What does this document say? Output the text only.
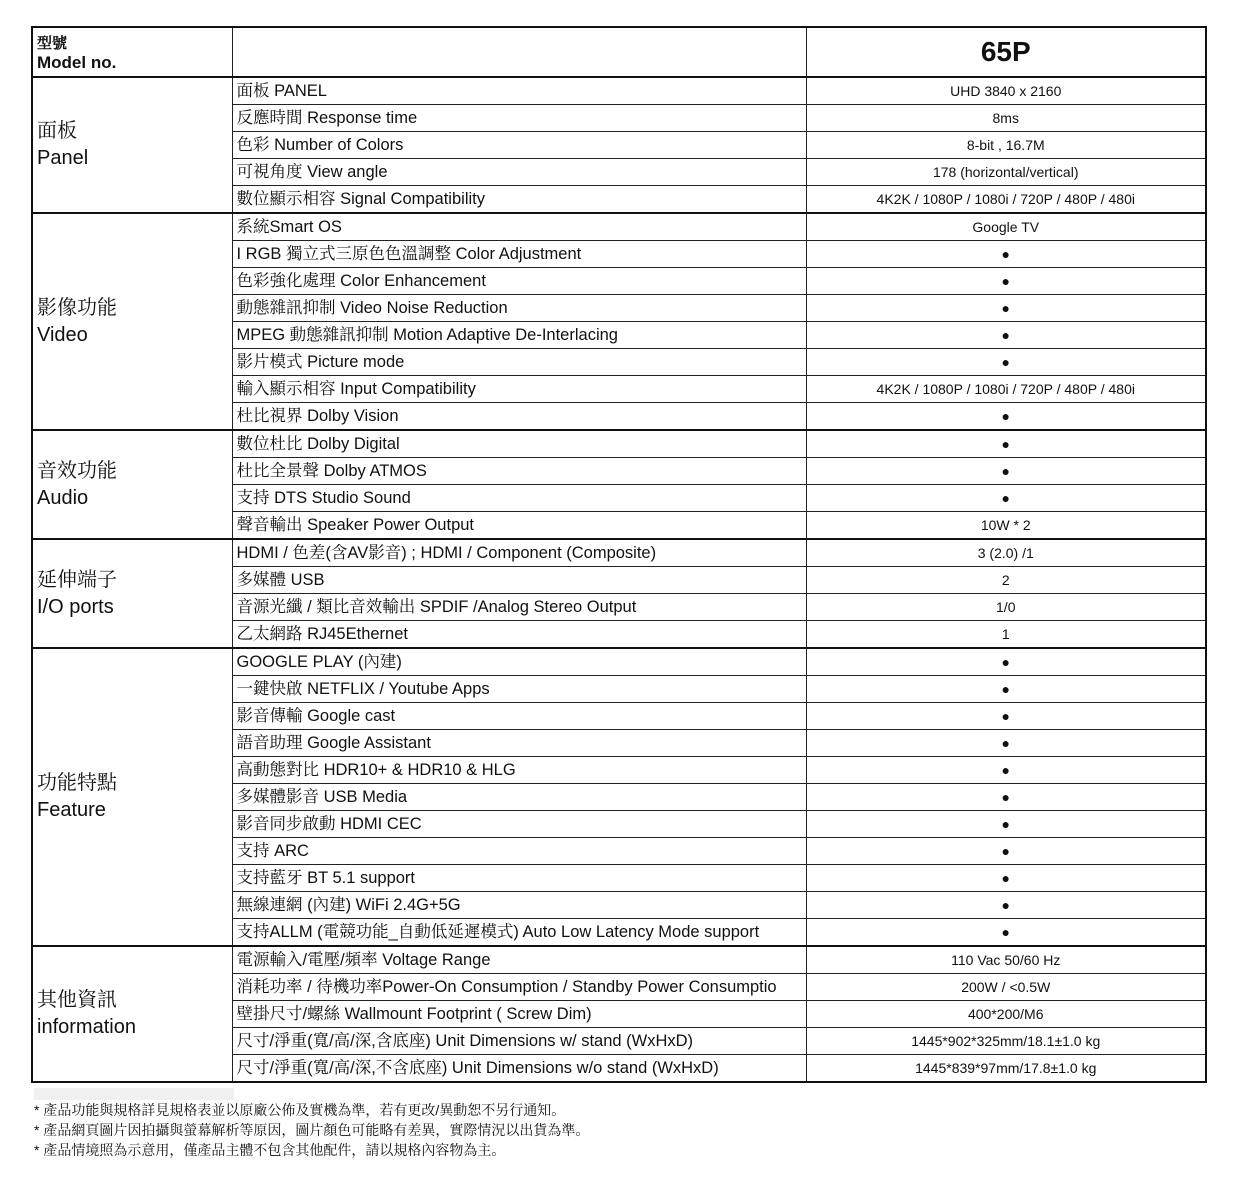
型號
Model no.		65P

面板
Panel	面板 PANEL	UHD 3840 x 2160
	反應時間 Response time	8ms
	色彩 Number of Colors	8-bit , 16.7M
	可視角度 View angle	178 (horizontal/vertical)
	數位顯示相容 Signal Compatibility	4K2K / 1080P / 1080i / 720P / 480P / 480i

影像功能
Video	系統Smart OS	Google TV
	I RGB 獨立式三原色色溫調整 Color Adjustment	●
	色彩強化處理 Color Enhancement	●
	動態雜訊抑制 Video Noise Reduction	●
	MPEG 動態雜訊抑制 Motion Adaptive De-Interlacing	●
	影片模式 Picture mode	●
	輸入顯示相容 Input Compatibility	4K2K / 1080P / 1080i / 720P / 480P / 480i
	杜比視界 Dolby Vision	●

音效功能
Audio	數位杜比 Dolby Digital	●
	杜比全景聲 Dolby ATMOS	●
	支持 DTS Studio Sound	●
	聲音輸出 Speaker Power Output	10W * 2

延伸端子
I/O ports	HDMI / 色差(含AV影音) ; HDMI / Component (Composite)	3 (2.0) /1
	多媒體 USB	2
	音源光纖 / 類比音效輸出 SPDIF /Analog Stereo Output	1/0
	乙太網路 RJ45Ethernet	1

功能特點
Feature	GOOGLE PLAY (內建)	●
	一鍵快啟 NETFLIX / Youtube Apps	●
	影音傳輸 Google cast	●
	語音助理 Google Assistant	●
	高動態對比 HDR10+ & HDR10 & HLG	●
	多媒體影音 USB Media	●
	影音同步啟動 HDMI CEC	●
	支持 ARC	●
	支持藍牙 BT 5.1 support	●
	無線連網 (內建) WiFi 2.4G+5G	●
	支持ALLM (電競功能_自動低延遲模式) Auto Low Latency Mode support	●

其他資訊
information	電源輸入/電壓/頻率 Voltage Range	110 Vac 50/60 Hz
	消耗功率 / 待機功率Power-On Consumption / Standby Power Consumptio	200W / <0.5W
	壁掛尺寸/螺絲 Wallmount Footprint ( Screw Dim)	400*200/M6
	尺寸/淨重(寬/高/深,含底座) Unit Dimensions w/ stand (WxHxD)	1445*902*325mm/18.1±1.0 kg
	尺寸/淨重(寬/高/深,不含底座) Unit Dimensions w/o stand (WxHxD)	1445*839*97mm/17.8±1.0 kg
* 產品功能與規格詳見規格表並以原廠公佈及實機為準，若有更改/異動恕不另行通知。
* 產品網頁圖片因拍攝與螢幕解析等原因，圖片顏色可能略有差異，實際情況以出貨為準。
* 產品情境照為示意用，僅產品主體不包含其他配件，請以規格內容物為主。
